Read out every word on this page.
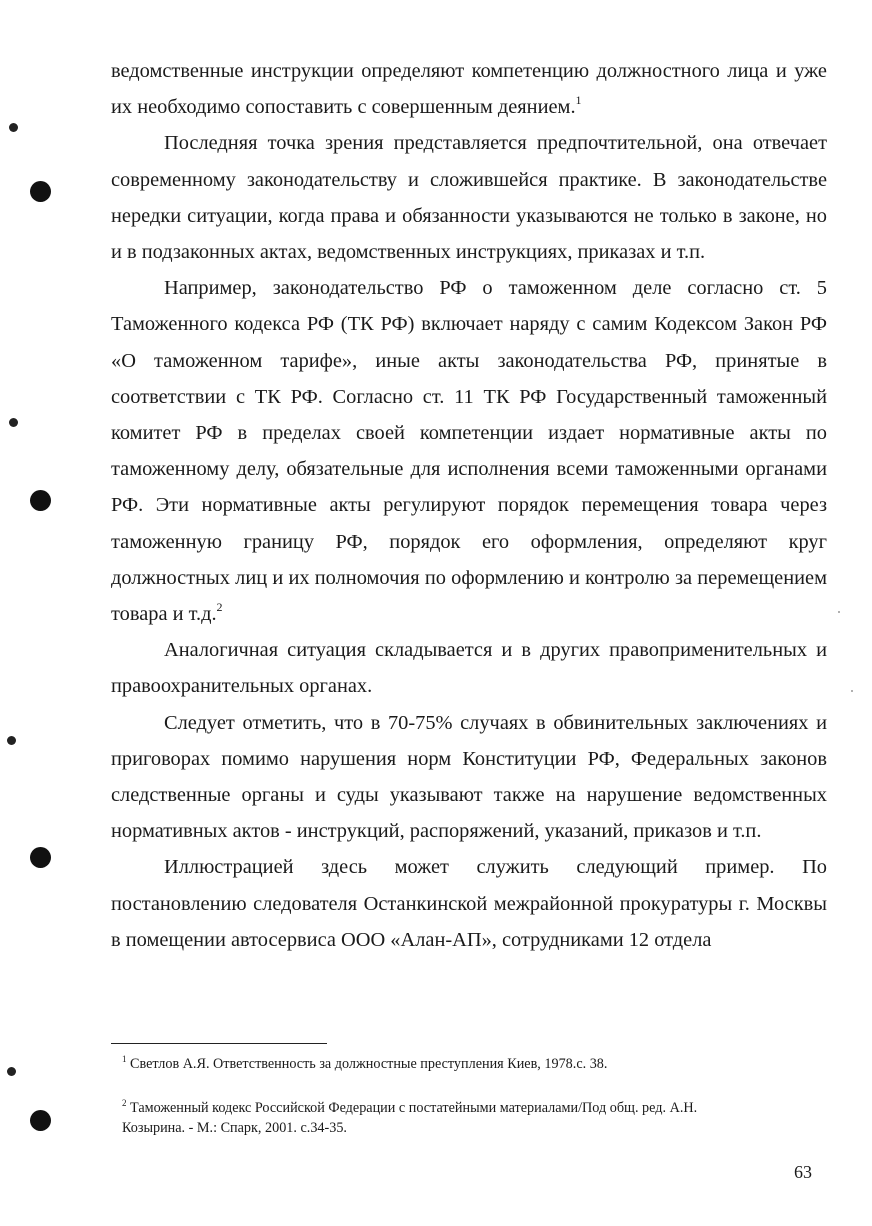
ведомственные инструкции определяют компетенцию должностного лица и уже их необходимо сопоставить с совершенным деянием.$^1$

Последняя точка зрения представляется предпочтительной, она отвечает современному законодательству и сложившейся практике. В законодательстве нередки ситуации, когда права и обязанности указываются не только в законе, но и в подзаконных актах, ведомственных инструкциях, приказах и т.п.

Например, законодательство РФ о таможенном деле согласно ст. 5 Таможенного кодекса РФ (ТК РФ) включает наряду с самим Кодексом Закон РФ «О таможенном тарифе», иные акты законодательства РФ, принятые в соответствии с ТК РФ. Согласно ст. 11 ТК РФ Государственный таможенный комитет РФ в пределах своей компетенции издает нормативные акты по таможенному делу, обязательные для исполнения всеми таможенными органами РФ. Эти нормативные акты регулируют порядок перемещения товара через таможенную границу РФ, порядок его оформления, определяют круг должностных лиц и их полномочия по оформлению и контролю за перемещением товара и т.д.$^2$

Аналогичная ситуация складывается и в других правоприменительных и правоохранительных органах.

Следует отметить, что в 70-75% случаях в обвинительных заключениях и приговорах помимо нарушения норм Конституции РФ, Федеральных законов следственные органы и суды указывают также на нарушение ведомственных нормативных актов - инструкций, распоряжений, указаний, приказов и т.п.

Иллюстрацией здесь может служить следующий пример. По постановлению следователя Останкинской межрайонной прокуратуры г. Москвы в помещении автосервиса ООО «Алан-АП», сотрудниками 12 отдела

$^1$ Светлов А.Я. Ответственность за должностные преступления Киев, 1978.с. 38.
$^2$ Таможенный кодекс Российской Федерации с постатейными материалами/Под общ. ред. А.Н. Козырина. - М.: Спарк, 2001. с.34-35.
63
